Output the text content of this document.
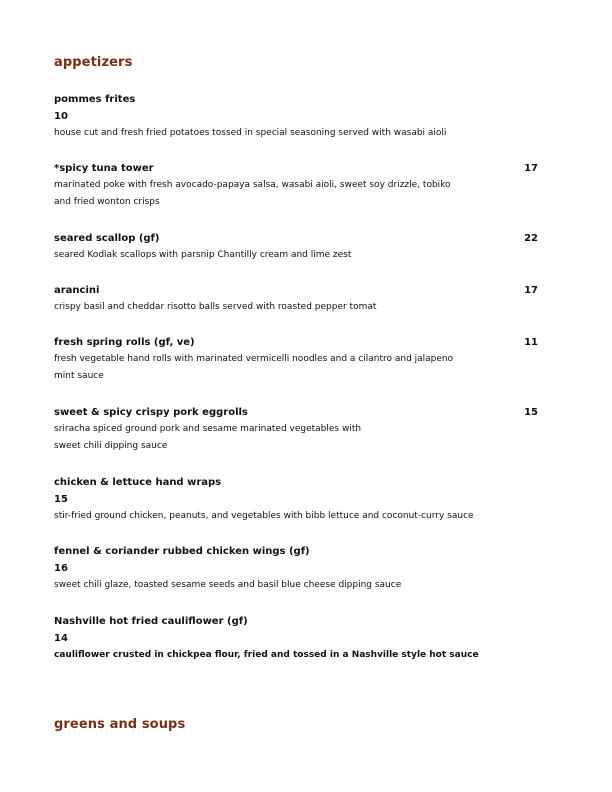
appetizers
pommes frites
10
house cut and fresh fried potatoes tossed in special seasoning served with wasabi aioli
*spicy tuna tower	17
marinated poke with fresh avocado-papaya salsa, wasabi aioli, sweet soy drizzle, tobiko
and fried wonton crisps
seared scallop (gf)	22
seared Kodiak scallops with parsnip Chantilly cream and lime zest
arancini	17
crispy basil and cheddar risotto balls served with roasted pepper tomat
fresh spring rolls (gf, ve)	11
fresh vegetable hand rolls with marinated vermicelli noodles and a cilantro and jalapeno
mint sauce
sweet & spicy crispy pork eggrolls	15
sriracha spiced ground pork and sesame marinated vegetables with
sweet chili dipping sauce
chicken & lettuce hand wraps
15
stir-fried ground chicken, peanuts, and vegetables with bibb lettuce and coconut-curry sauce
fennel & coriander rubbed chicken wings (gf)
16
sweet chili glaze, toasted sesame seeds and basil blue cheese dipping sauce
Nashville hot fried cauliflower (gf)
14
cauliflower crusted in chickpea flour, fried and tossed in a Nashville style hot sauce
greens and soups
